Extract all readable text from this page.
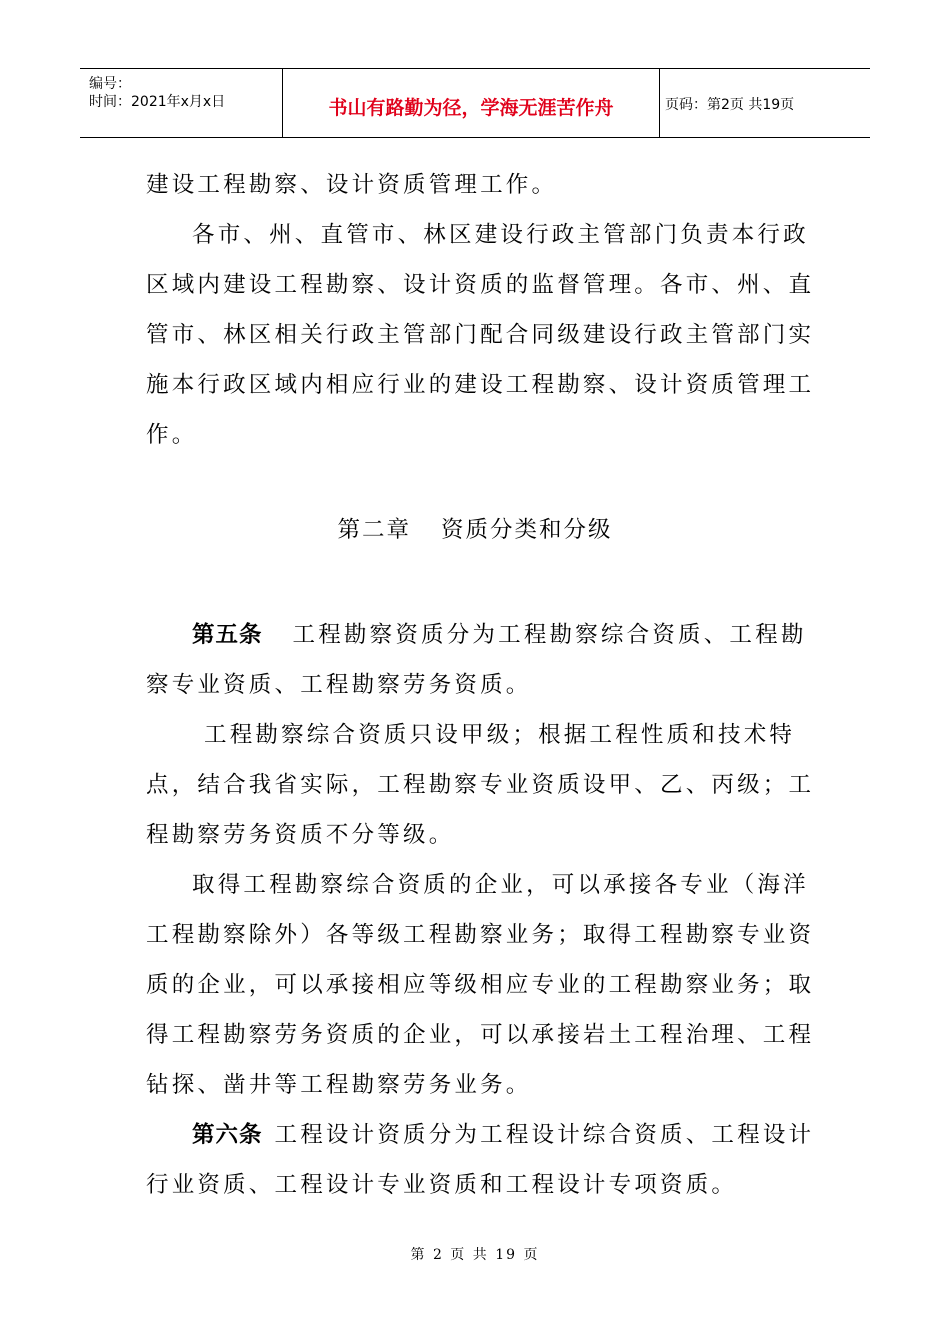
编号：
时间：2021年x月x日	书山有路勤为径，学海无涯苦作舟	页码：第2页 共19页

建设工程勘察、设计资质管理工作。

各市、州、直管市、林区建设行政主管部门负责本行政区域内建设工程勘察、设计资质的监督管理。各市、州、直管市、林区相关行政主管部门配合同级建设行政主管部门实施本行政区域内相应行业的建设工程勘察、设计资质管理工作。

第二章 资质分类和分级

第五条 工程勘察资质分为工程勘察综合资质、工程勘察专业资质、工程勘察劳务资质。

工程勘察综合资质只设甲级；根据工程性质和技术特点，结合我省实际，工程勘察专业资质设甲、乙、丙级；工程勘察劳务资质不分等级。

取得工程勘察综合资质的企业，可以承接各专业（海洋工程勘察除外）各等级工程勘察业务；取得工程勘察专业资质的企业，可以承接相应等级相应专业的工程勘察业务；取得工程勘察劳务资质的企业，可以承接岩土工程治理、工程钻探、凿井等工程勘察劳务业务。

第六条 工程设计资质分为工程设计综合资质、工程设计行业资质、工程设计专业资质和工程设计专项资质。

第 2 页 共 19 页
